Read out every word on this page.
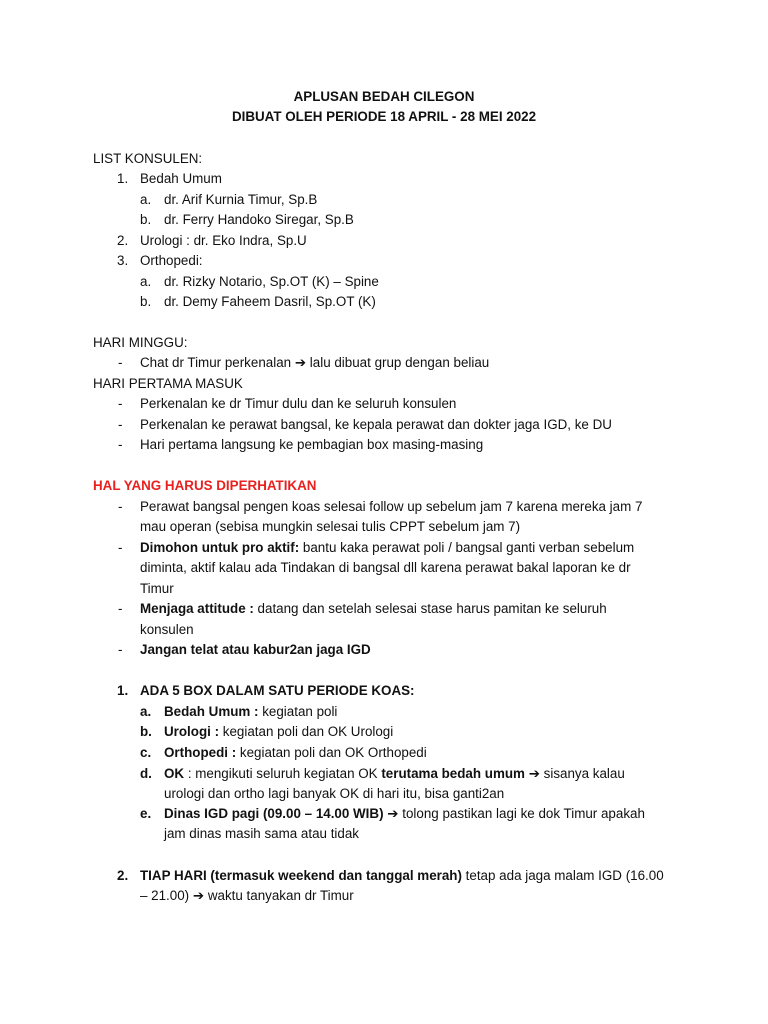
APLUSAN BEDAH CILEGON
DIBUAT OLEH PERIODE 18 APRIL - 28 MEI 2022
LIST KONSULEN:
1. Bedah Umum
a. dr. Arif Kurnia Timur, Sp.B
b. dr. Ferry Handoko Siregar, Sp.B
2. Urologi : dr. Eko Indra, Sp.U
3. Orthopedi:
a. dr. Rizky Notario, Sp.OT (K) – Spine
b. dr. Demy Faheem Dasril, Sp.OT (K)
HARI MINGGU:
- Chat dr Timur perkenalan ➔ lalu dibuat grup dengan beliau
HARI PERTAMA MASUK
- Perkenalan ke dr Timur dulu dan ke seluruh konsulen
- Perkenalan ke perawat bangsal, ke kepala perawat dan dokter jaga IGD, ke DU
- Hari pertama langsung ke pembagian box masing-masing
HAL YANG HARUS DIPERHATIKAN
- Perawat bangsal pengen koas selesai follow up sebelum jam 7 karena mereka jam 7
mau operan (sebisa mungkin selesai tulis CPPT sebelum jam 7)
- Dimohon untuk pro aktif: bantu kaka perawat poli / bangsal ganti verban sebelum
diminta, aktif kalau ada Tindakan di bangsal dll karena perawat bakal laporan ke dr
Timur
- Menjaga attitude : datang dan setelah selesai stase harus pamitan ke seluruh
konsulen
- Jangan telat atau kabur2an jaga IGD
1. ADA 5 BOX DALAM SATU PERIODE KOAS:
a. Bedah Umum : kegiatan poli
b. Urologi : kegiatan poli dan OK Urologi
c. Orthopedi : kegiatan poli dan OK Orthopedi
d. OK : mengikuti seluruh kegiatan OK terutama bedah umum ➔ sisanya kalau
urologi dan ortho lagi banyak OK di hari itu, bisa ganti2an
e. Dinas IGD pagi (09.00 – 14.00 WIB) ➔ tolong pastikan lagi ke dok Timur apakah
jam dinas masih sama atau tidak
2. TIAP HARI (termasuk weekend dan tanggal merah) tetap ada jaga malam IGD (16.00
– 21.00) ➔ waktu tanyakan dr Timur
